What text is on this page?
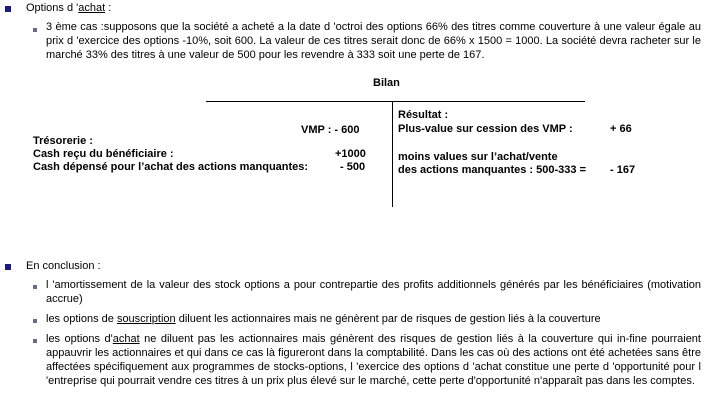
Options d 'achat :
3 ème cas :supposons que la société a acheté a la date d 'octroi des options 66% des titres comme couverture à une valeur égale au prix d 'exercice des options -10%, soit 600. La valeur de ces titres serait donc de 66% x 1500 = 1000. La société devra racheter sur le marché 33% des titres à une valeur de 500 pour les revendre à 333 soit une perte de 167.
Bilan
VMP : - 600
Trésorerie :
Cash reçu du bénéficiaire :	+1000
Cash dépensé pour l’achat des actions manquantes:	- 500
Résultat :
Plus-value sur cession des VMP :	+ 66
moins values sur l’achat/vente
des actions manquantes : 500-333 = - 167
En conclusion :
l 'amortissement de la valeur des stock options a pour contrepartie des profits additionnels générés par les bénéficiaires (motivation accrue)
les options de souscription diluent les actionnaires mais ne génèrent par de risques de gestion liés à la couverture
les options d'achat ne diluent pas les actionnaires mais génèrent des risques de gestion liés à la couverture qui in-fine pourraient appauvrir les actionnaires et qui dans ce cas là figureront dans la comptabilité. Dans les cas où des actions ont été achetées sans être affectées spécifiquement aux programmes de stocks-options, l 'exercice des options d 'achat constitue une perte d 'opportunité pour l 'entreprise qui pourrait vendre ces titres à un prix plus élevé sur le marché, cette perte d'opportunité n'apparaît pas dans les comptes.
